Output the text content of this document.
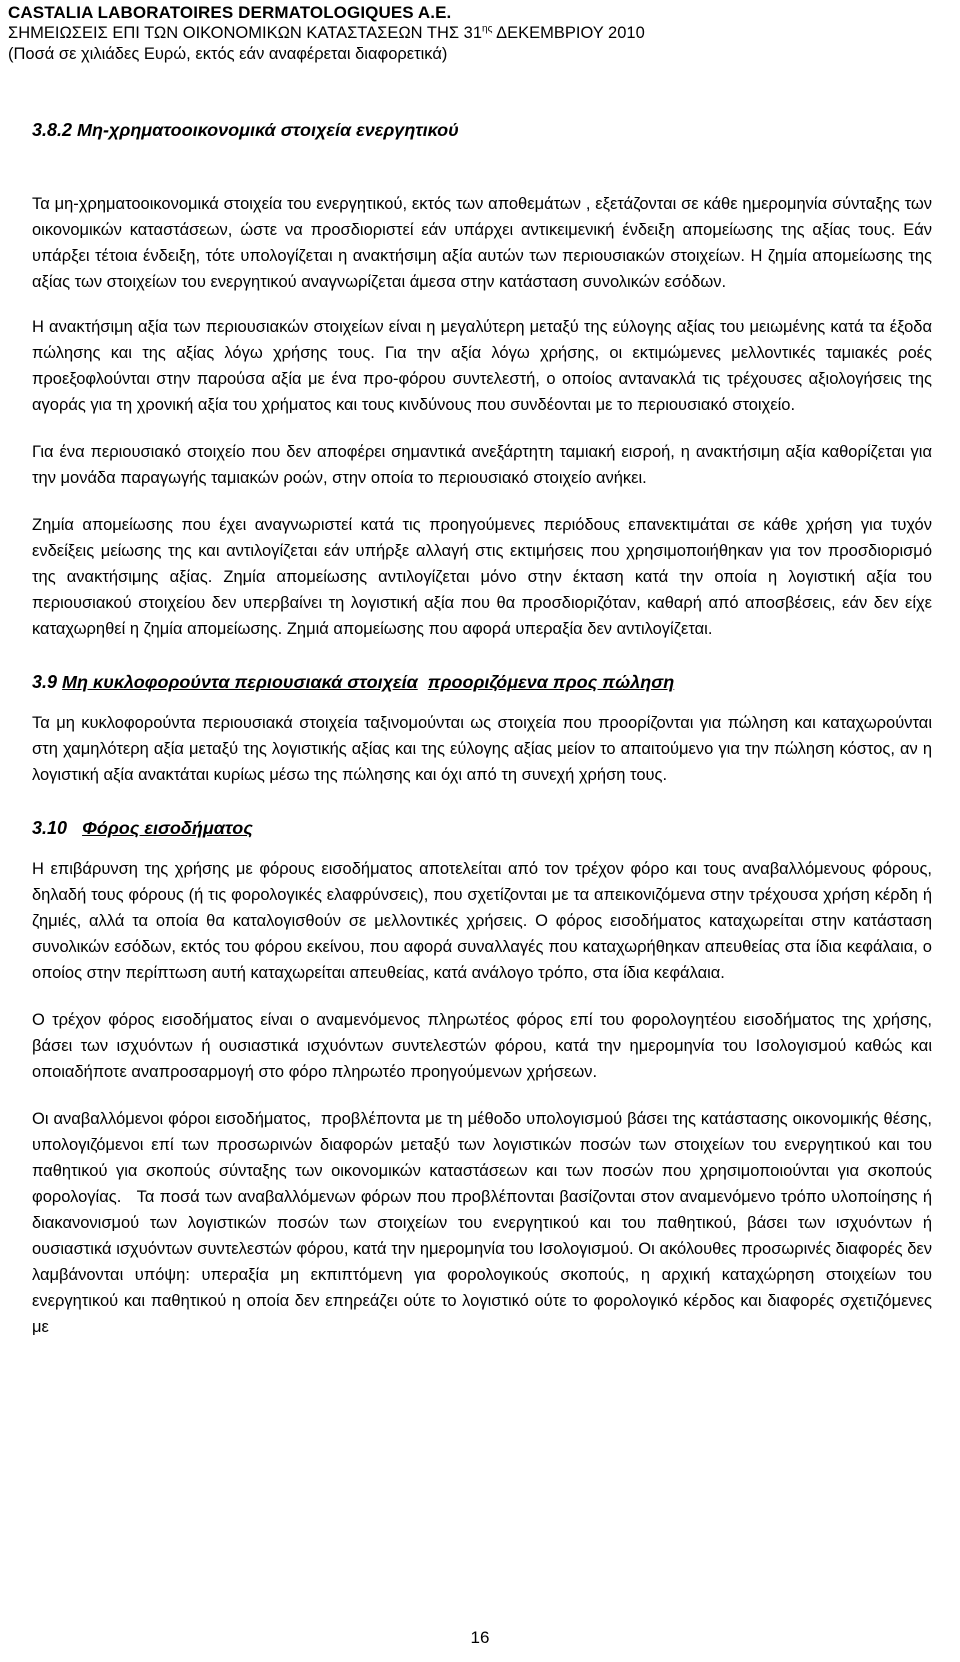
CASTALIA LABORATOIRES DERMATOLOGIQUES A.E.
ΣΗΜΕΙΩΣΕΙΣ ΕΠΙ ΤΩΝ ΟΙΚΟΝΟΜΙΚΩΝ ΚΑΤΑΣΤΑΣΕΩΝ ΤΗΣ $31^{\eta\varsigma}$ ΔΕΚΕΜΒΡΙΟΥ 2010
(Ποσά σε χιλιάδες Ευρώ, εκτός εάν αναφέρεται διαφορετικά)
3.8.2 Μη-χρηματοοικονομικά στοιχεία ενεργητικού

Τα μη-χρηματοοικονομικά στοιχεία του ενεργητικού, εκτός των αποθεμάτων , εξετάζονται σε κάθε ημερομηνία σύνταξης των οικονομικών καταστάσεων, ώστε να προσδιοριστεί εάν υπάρχει αντικειμενική ένδειξη απομείωσης της αξίας τους. Εάν υπάρξει τέτοια ένδειξη, τότε υπολογίζεται η ανακτήσιμη αξία αυτών των περιουσιακών στοιχείων. Η ζημία απομείωσης της αξίας των στοιχείων του ενεργητικού αναγνωρίζεται άμεσα στην κατάσταση συνολικών εσόδων.

Η ανακτήσιμη αξία των περιουσιακών στοιχείων είναι η μεγαλύτερη μεταξύ της εύλογης αξίας του μειωμένης κατά τα έξοδα πώλησης και της αξίας λόγω χρήσης τους. Για την αξία λόγω χρήσης, οι εκτιμώμενες μελλοντικές ταμιακές ροές προεξοφλούνται στην παρούσα αξία με ένα προ-φόρου συντελεστή, ο οποίος αντανακλά τις τρέχουσες αξιολογήσεις της αγοράς για τη χρονική αξία του χρήματος και τους κινδύνους που συνδέονται με το περιουσιακό στοιχείο.

Για ένα περιουσιακό στοιχείο που δεν αποφέρει σημαντικά ανεξάρτητη ταμιακή εισροή, η ανακτήσιμη αξία καθορίζεται για την μονάδα παραγωγής ταμιακών ροών, στην οποία το περιουσιακό στοιχείο ανήκει.

Ζημία απομείωσης που έχει αναγνωριστεί κατά τις προηγούμενες περιόδους επανεκτιμάται σε κάθε χρήση για τυχόν ενδείξεις μείωσης της και αντιλογίζεται εάν υπήρξε αλλαγή στις εκτιμήσεις που χρησιμοποιήθηκαν για τον προσδιορισμό της ανακτήσιμης αξίας. Ζημία απομείωσης αντιλογίζεται μόνο στην έκταση κατά την οποία η λογιστική αξία του περιουσιακού στοιχείου δεν υπερβαίνει τη λογιστική αξία που θα προσδιοριζόταν, καθαρή από αποσβέσεις, εάν δεν είχε καταχωρηθεί η ζημία απομείωσης. Ζημιά απομείωσης που αφορά υπεραξία δεν αντιλογίζεται.

3.9 Μη κυκλοφορούντα περιουσιακά στοιχεία προοριζόμενα προς πώληση

Τα μη κυκλοφορούντα περιουσιακά στοιχεία ταξινομούνται ως στοιχεία που προορίζονται για πώληση και καταχωρούνται στη χαμηλότερη αξία μεταξύ της λογιστικής αξίας και της εύλογης αξίας μείον το απαιτούμενο για την πώληση κόστος, αν η λογιστική αξία ανακτάται κυρίως μέσω της πώλησης και όχι από τη συνεχή χρήση τους.

3.10 Φόρος εισοδήματος

Η επιβάρυνση της χρήσης με φόρους εισοδήματος αποτελείται από τον τρέχον φόρο και τους αναβαλλόμενους φόρους, δηλαδή τους φόρους (ή τις φορολογικές ελαφρύνσεις), που σχετίζονται με τα απεικονιζόμενα στην τρέχουσα χρήση κέρδη ή ζημιές, αλλά τα οποία θα καταλογισθούν σε μελλοντικές χρήσεις. Ο φόρος εισοδήματος καταχωρείται στην κατάσταση συνολικών εσόδων, εκτός του φόρου εκείνου, που αφορά συναλλαγές που καταχωρήθηκαν απευθείας στα ίδια κεφάλαια, ο οποίος στην περίπτωση αυτή καταχωρείται απευθείας, κατά ανάλογο τρόπο, στα ίδια κεφάλαια.

Ο τρέχον φόρος εισοδήματος είναι ο αναμενόμενος πληρωτέος φόρος επί του φορολογητέου εισοδήματος της χρήσης, βάσει των ισχυόντων ή ουσιαστικά ισχυόντων συντελεστών φόρου, κατά την ημερομηνία του Ισολογισμού καθώς και οποιαδήποτε αναπροσαρμογή στο φόρο πληρωτέο προηγούμενων χρήσεων.

Οι αναβαλλόμενοι φόροι εισοδήματος,  προβλέποντα με τη μέθοδο υπολογισμού βάσει της κατάστασης οικονομικής θέσης, υπολογιζόμενοι επί των προσωρινών διαφορών μεταξύ των λογιστικών ποσών των στοιχείων του ενεργητικού και του παθητικού για σκοπούς σύνταξης των οικονομικών καταστάσεων και των ποσών που χρησιμοποιούνται για σκοπούς φορολογίας.   Τα ποσά των αναβαλλόμενων φόρων που προβλέπονται βασίζονται στον αναμενόμενο τρόπο υλοποίησης ή διακανονισμού των λογιστικών ποσών των στοιχείων του ενεργητικού και του παθητικού, βάσει των ισχυόντων ή ουσιαστικά ισχυόντων συντελεστών φόρου, κατά την ημερομηνία του Ισολογισμού. Οι ακόλουθες προσωρινές διαφορές δεν λαμβάνονται υπόψη: υπεραξία μη εκπιπτόμενη για φορολογικούς σκοπούς, η αρχική καταχώρηση στοιχείων του ενεργητικού και παθητικού η οποία δεν επηρεάζει ούτε το λογιστικό ούτε το φορολογικό κέρδος και διαφορές σχετιζόμενες με

16
